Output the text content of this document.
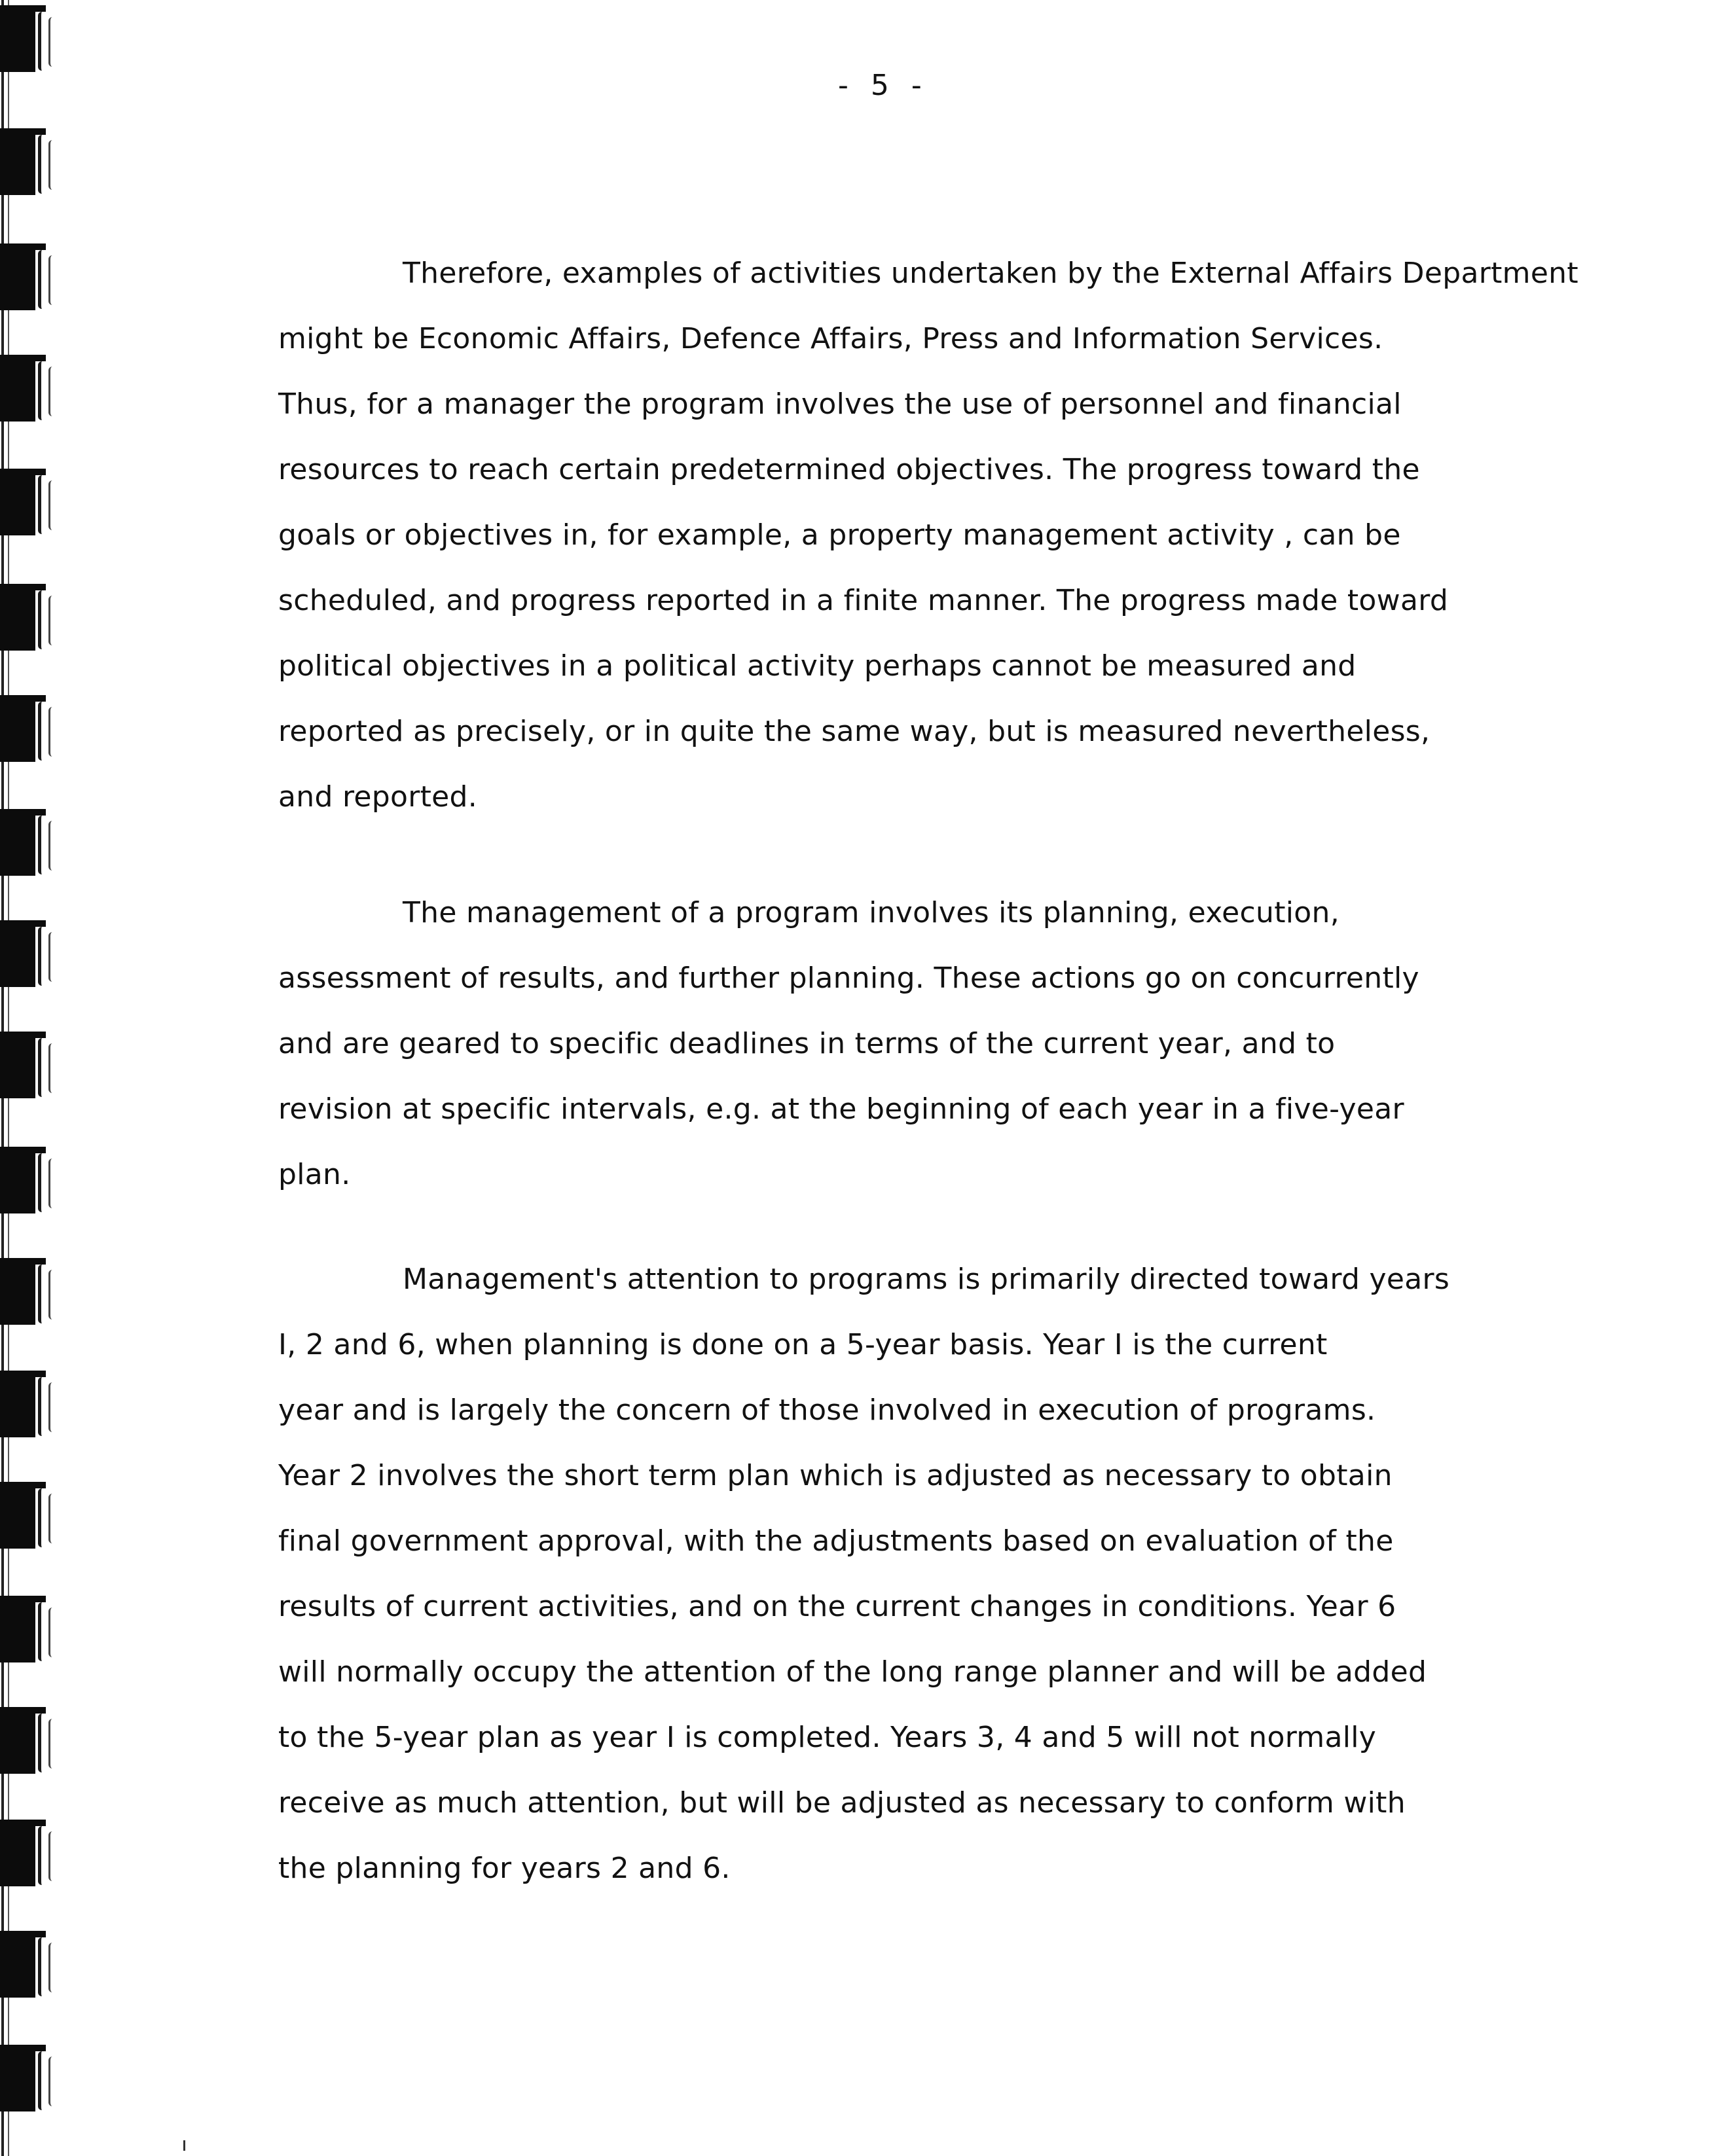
- 5 -
Therefore, examples of activities undertaken by the External Affairs Department
might be Economic Affairs, Defence Affairs, Press and Information Services.
Thus, for a manager the program involves the use of personnel and financial
resources to reach certain predetermined objectives. The progress toward the
goals or objectives in, for example, a property management activity , can be
scheduled, and progress reported in a finite manner. The progress made toward
political objectives in a political activity perhaps cannot be measured and
reported as precisely, or in quite the same way, but is measured nevertheless,
and reported.
The management of a program involves its planning, execution,
assessment of results, and further planning. These actions go on concurrently
and are geared to specific deadlines in terms of the current year, and to
revision at specific intervals, e.g. at the beginning of each year in a five-year
plan.
Management's attention to programs is primarily directed toward years
I, 2 and 6, when planning is done on a 5-year basis. Year I is the current
year and is largely the concern of those involved in execution of programs.
Year 2 involves the short term plan which is adjusted as necessary to obtain
final government approval, with the adjustments based on evaluation of the
results of current activities, and on the current changes in conditions. Year 6
will normally occupy the attention of the long range planner and will be added
to the 5-year plan as year I is completed. Years 3, 4 and 5 will not normally
receive as much attention, but will be adjusted as necessary to conform with
the planning for years 2 and 6.
